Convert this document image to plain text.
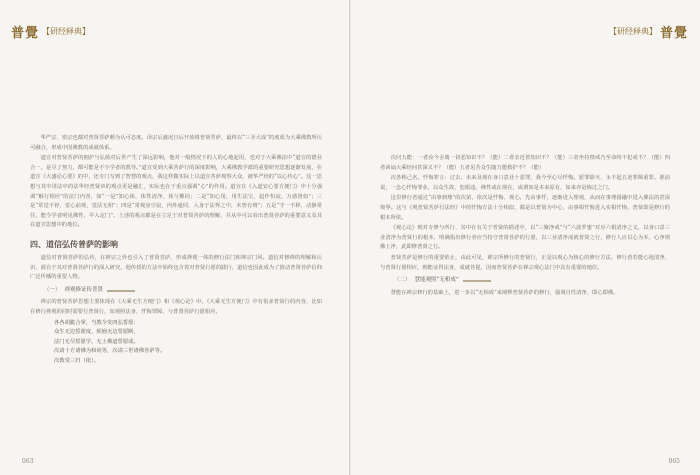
普覺 【研经释典】

华严宗、密宗也都对普贤菩萨颇为认可态度。译宗后盛况日后开始将普贤菩萨，最终以“三圣大成”的度成为大乘佛教所认可融合，形成中国佛教的成就体系。

道宣对普贤菩萨的拥护与弘扬对后世产生了深远影响，他对一般情况下的人的心地起用，也对于大乘佛法中“道宣的德业合一，是尽了努力，都可能是不少学者的教导。”道宣受到大乘菩萨行的深度影响，大乘佛教学派的重要研究思想逐渐发展，在道宣《大盛论心要》的中，还专门写到了智慧的观点，我这样做实际上以道宣菩萨观察大众，被华严经的“以心传心”。这一思想与其中讲法中的法华经普贤章的观点更是融汇，实际也在于重点强调“心”的作用。道宣在《入道安心要方便门》中十分强调“解行相应”的法门内容，如“一是”知心体，体性清净，体与佛同；二是“知心用，用生法宝，起作恒寂，万惑皆如”；三是“常觉不停，觉心前现，觉法无相”；四是“常观身空寂，内外通同，入身于法界之中，未曾有碍”；五是“守一不移，动静常住，能令学者明见佛性，早入定门”。上述的观点都是在立足于对普贤菩萨的理解，并从中可以看出普贤菩萨的重要意义及其在道宣思想中的地位。

四、道信弘传普萨的影响

道信对普贤菩萨的弘传，在禅宗之外也引入了普贤菩萨，形成禅观一体的修行法门和禅宗门风。道信对修禅的理解和认识，源自于其对普贤菩萨行的深入研究，他传授的方法中始终包含着对普贤行愿的践行，道信也因此成为了推动普贤菩萨信仰广泛传播的重要人物。

（一） 禅观修证传普贤

禅宗的普贤菩萨思想主要体现在《大乘无生方便门》和《观心论》中。《大乘无生方便门》中有很多普贤行的内容，比如在修行禅观的同时需要行普贤行，如观照法身，忏悔罪障，与普贤菩萨行愿相应。

各各胡跪合掌，当教令发四弘誓愿：
众生无边誓愿度，烦恼无边誓愿断，
法门无尽誓愿学，无上佛道誓愿成。
次请十方诸佛为和尚等，次请三世诸佛菩萨等。
次教受三归（依）。
063
【研经释典】 普覺

次问五能：一者汝今舍离一切恶知识不？（能）二者亲近善知识不？（能）三者坐持禁戒乃至命终不犯戒不？（能）四者读诵大乘经问甚深义不？（能）五者见苦众生随力能救护不？（能）

次各称己名，忏悔罪言：过去、未来及现在身口意业十恶罪，我今至心尽忏悔。愿罪除灭，永不起五逆罪障重罪。准前说，一念心忏悔罪业，以众生故，犯根违。佛性或在现在，或谓如是本来原有，如来亦是悔过之门。

这里修行者通过“由事到理”的次第，依次是忏悔、观心，先由事忏，逐渐进入理观，从而在事理圆融中进入佛法的甚深境界。这与《观普贤菩萨行法经》中的忏悔方法十分相似，都是以普贤为中心，由事相忏悔进入实相忏悔，普贤即是修行的根本所依。

《观心论》则对专修与所行、其中在有关于普贤的描述中，以“三聚净戒”与“六波罗蜜”对应六根清净之义，以身口意三业清净为普贤行的根本，明确指出修行者应当持守普贤菩萨的行愿，以三业清净成就普贤之行，修行人应以心为本，心净则佛土净，此即修普贤之行。

普贤菩萨是修行的重要依止，由此可见，禅宗所修行的普贤行，正是以观心为核心的修行方法，修行者若能心地清净，与普贤行愿相应，则能证得法身，成就菩提，因而普贤菩萨在禅宗观心法门中具有重要的地位。

（二） 慧能观照“无相戒”

慧能在禅宗修行的基础上，进一步以“无相戒”来阐释普贤菩萨的修行，强调自性清净，即心即佛。

065
